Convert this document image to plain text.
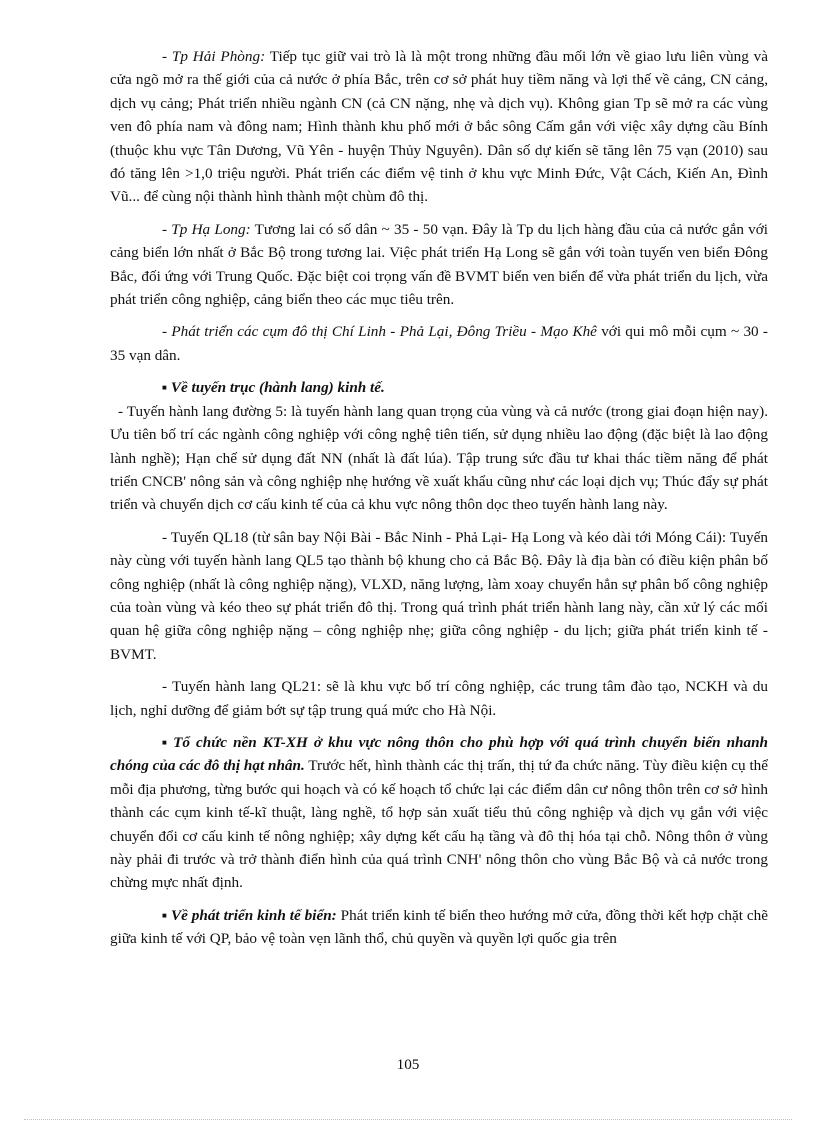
- Tp Hải Phòng: Tiếp tục giữ vai trò là là một trong những đầu mối lớn về giao lưu liên vùng và cửa ngõ mở ra thế giới của cả nước ở phía Bắc, trên cơ sở phát huy tiềm năng và lợi thế về cảng, CN cảng, dịch vụ cảng; Phát triển nhiều ngành CN (cả CN nặng, nhẹ và dịch vụ). Không gian Tp sẽ mở ra các vùng ven đô phía nam và đông nam; Hình thành khu phố mới ở bắc sông Cấm gắn với việc xây dựng cầu Bính (thuộc khu vực Tân Dương, Vũ Yên - huyện Thủy Nguyên). Dân số dự kiến sẽ tăng lên 75 vạn (2010) sau đó tăng lên >1,0 triệu người. Phát triển các điểm vệ tinh ở khu vực Minh Đức, Vật Cách, Kiến An, Đình Vũ... để cùng nội thành hình thành một chùm đô thị.

- Tp Hạ Long: Tương lai có số dân ~ 35 - 50 vạn. Đây là Tp du lịch hàng đầu của cả nước gắn với cảng biển lớn nhất ở Bắc Bộ trong tương lai. Việc phát triển Hạ Long sẽ gắn với toàn tuyến ven biển Đông Bắc, đối ứng với Trung Quốc. Đặc biệt coi trọng vấn đề BVMT biển ven biển để vừa phát triển du lịch, vừa phát triển công nghiệp, cảng biển theo các mục tiêu trên.

- Phát triển các cụm đô thị Chí Linh - Phả Lại, Đông Triều - Mạo Khê với qui mô mỗi cụm ~ 30 - 35 vạn dân.

■ Về tuyến trục (hành lang) kinh tế.

- Tuyến hành lang đường 5: là tuyến hành lang quan trọng của vùng và cả nước (trong giai đoạn hiện nay). Ưu tiên bố trí các ngành công nghiệp với công nghệ tiên tiến, sử dụng nhiều lao động (đặc biệt là lao động lành nghề); Hạn chế sử dụng đất NN (nhất là đất lúa). Tập trung sức đầu tư khai thác tiềm năng để phát triển CNCB' nông sản và công nghiệp nhẹ hướng về xuất khẩu cũng như các loại dịch vụ; Thúc đẩy sự phát triển và chuyển dịch cơ cấu kinh tế của cả khu vực nông thôn dọc theo tuyến hành lang này.

- Tuyến QL18 (từ sân bay Nội Bài - Bắc Ninh - Phả Lại- Hạ Long và kéo dài tới Móng Cái): Tuyến này cùng với tuyến hành lang QL5 tạo thành bộ khung cho cả Bắc Bộ. Đây là địa bàn có điều kiện phân bố công nghiệp (nhất là công nghiệp nặng), VLXD, năng lượng, làm xoay chuyển hẳn sự phân bố công nghiệp của toàn vùng và kéo theo sự phát triển đô thị. Trong quá trình phát triển hành lang này, cần xử lý các mối quan hệ giữa công nghiệp nặng – công nghiệp nhẹ; giữa công nghiệp - du lịch; giữa phát triển kinh tế - BVMT.

- Tuyến hành lang QL21: sẽ là khu vực bố trí công nghiệp, các trung tâm đào tạo, NCKH và du lịch, nghỉ dưỡng để giảm bớt sự tập trung quá mức cho Hà Nội.

■ Tổ chức nền KT-XH ở khu vực nông thôn cho phù hợp với quá trình chuyển biến nhanh chóng của các đô thị hạt nhân. Trước hết, hình thành các thị trấn, thị tứ đa chức năng. Tùy điều kiện cụ thể mỗi địa phương, từng bước qui hoạch và có kế hoạch tổ chức lại các điểm dân cư nông thôn trên cơ sở hình thành các cụm kinh tế-kĩ thuật, làng nghề, tổ hợp sản xuất tiểu thủ công nghiệp và dịch vụ gắn với việc chuyển đổi cơ cấu kinh tế nông nghiệp; xây dựng kết cấu hạ tầng và đô thị hóa tại chỗ. Nông thôn ở vùng này phải đi trước và trở thành điển hình của quá trình CNH' nông thôn cho vùng Bắc Bộ và cả nước trong chừng mực nhất định.

■ Về phát triển kinh tế biển: Phát triển kinh tế biển theo hướng mở cửa, đồng thời kết hợp chặt chẽ giữa kinh tế với QP, bảo vệ toàn vẹn lãnh thổ, chủ quyền và quyền lợi quốc gia trên

105
